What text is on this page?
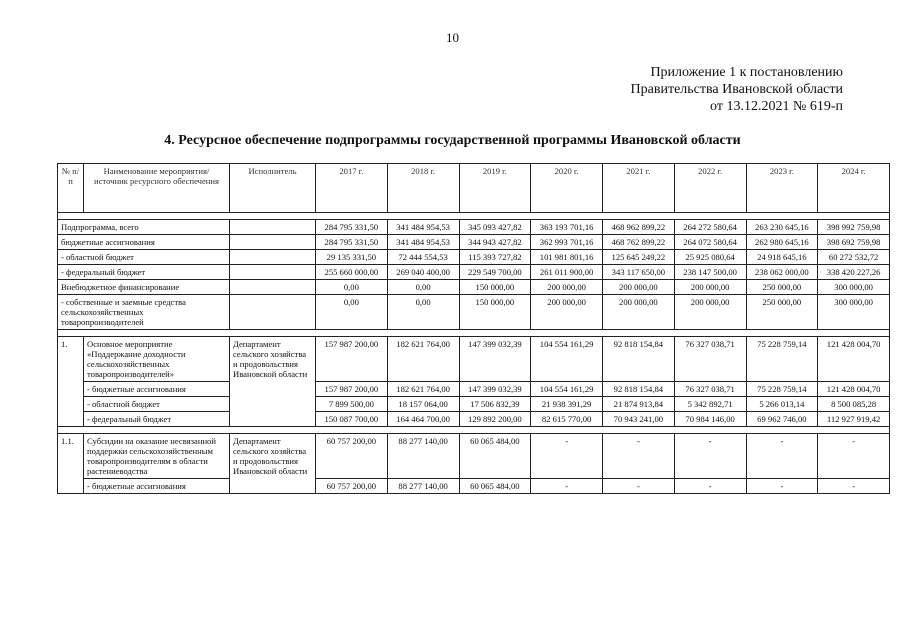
10
Приложение 1 к постановлению
Правительства Ивановской области
от 13.12.2021 № 619-п
4. Ресурсное обеспечение подпрограммы государственной программы Ивановской области
№ п/п	Наименование мероприятия/источник ресурсного обеспечения	Исполнитель	2017 г.	2018 г.	2019 г.	2020 г.	2021 г.	2022 г.	2023 г.	2024 г.

Подпрограмма, всего			284 795 331,50	341 484 954,53	345 093 427,82	363 193 701,16	468 962 899,22	264 272 580,64	263 230 645,16	398 992 759,98
бюджетные ассигнования			284 795 331,50	341 484 954,53	344 943 427,82	362 993 701,16	468 762 899,22	264 072 580,64	262 980 645,16	398 692 759,98
- областной бюджет			29 135 331,50	72 444 554,53	115 393 727,82	101 981 801,16	125 645 249,22	25 925 080,64	24 918 645,16	60 272 532,72
- федеральный бюджет			255 660 000,00	269 040 400,00	229 549 700,00	261 011 900,00	343 117 650,00	238 147 500,00	238 062 000,00	338 420 227,26
Внебюджетное финансирование			0,00	0,00	150 000,00	200 000,00	200 000,00	200 000,00	250 000,00	300 000,00
- собственные и заемные средства сельскохозяйственных товаропроизводителей			0,00	0,00	150 000,00	200 000,00	200 000,00	200 000,00	250 000,00	300 000,00

1.	Основное мероприятие «Поддержание доходности сельскохозяйственных товаропроизводителей»	Департамент сельского хозяйства и продовольствия Ивановской области	157 987 200,00	182 621 764,00	147 399 032,39	104 554 161,29	92 818 154,84	76 327 038,71	75 228 759,14	121 428 004,70
	- бюджетные ассигнования		157 987 200,00	182 621 764,00	147 399 032,39	104 554 161,29	92 818 154,84	76 327 038,71	75 228 759,14	121 428 004,70
	- областной бюджет		7 899 500,00	18 157 064,00	17 506 832,39	21 938 391,29	21 874 913,84	5 342 892,71	5 266 013,14	8 500 085,28
	- федеральный бюджет		150 087 700,00	164 464 700,00	129 892 200,00	82 615 770,00	70 943 241,00	70 984 146,00	69 962 746,00	112 927 919,42

1.1.	Субсидии на оказание несвязанной поддержки сельскохозяйственным товаропроизводителям в области растениеводства	Департамент сельского хозяйства и продовольствия Ивановской области	60 757 200,00	88 277 140,00	60 065 484,00	-	-	-	-	-
	- бюджетные ассигнования		60 757 200,00	88 277 140,00	60 065 484,00	-	-	-	-	-
